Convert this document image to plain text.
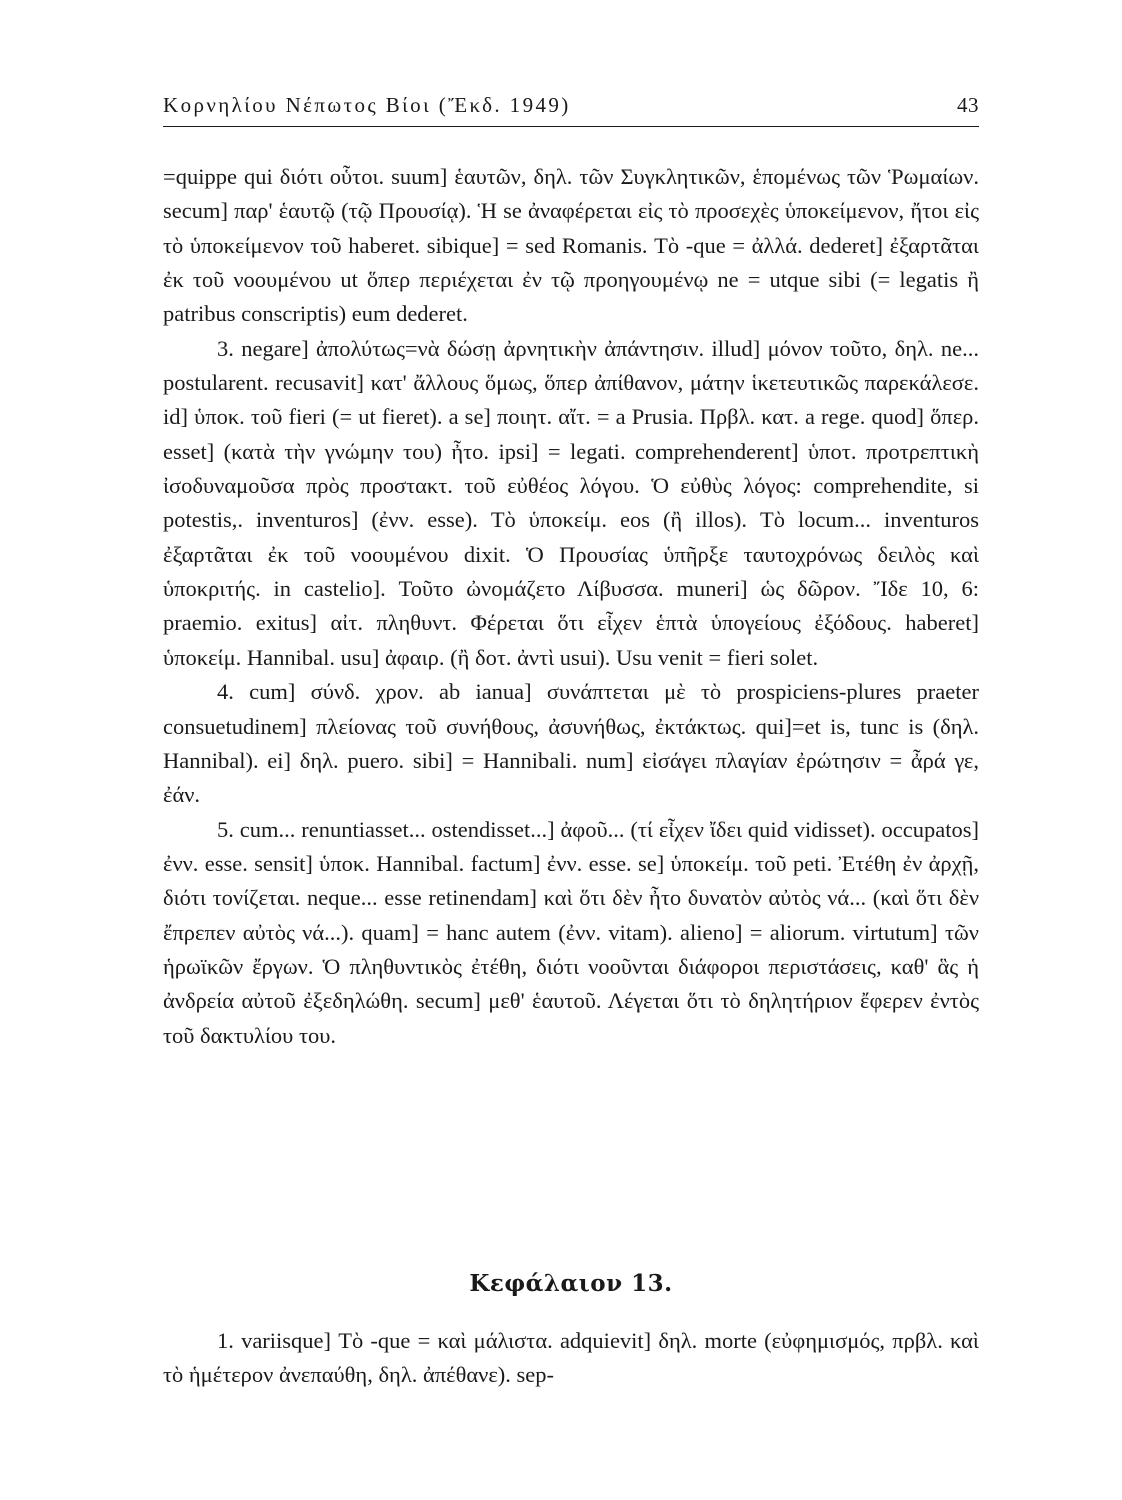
Κορνηλίου Νέπωτος Βίοι (Ἔκδ. 1949)	43

=quippe qui διότι οὗτοι. suum] ἑαυτῶν, δηλ. τῶν Συγκλητικῶν, ἑπομένως τῶν Ῥωμαίων. secum] παρ' ἑαυτῷ (τῷ Προυσίᾳ). Ἡ se ἀναφέρεται εἰς τὸ προσεχὲς ὑποκείμενον, ἤτοι εἰς τὸ ὑποκείμενον τοῦ haberet. sibique] = sed Romanis. Τὸ -que = ἀλλά. dederet] ἐξαρτᾶται ἐκ τοῦ νοουμένου ut ὅπερ περιέχεται ἐν τῷ προηγουμένῳ ne = utque sibi (= legatis ἢ patribus conscriptis) eum dederet.

3. negare] ἀπολύτως=νὰ δώσῃ ἀρνητικὴν ἀπάντησιν. illud] μόνον τοῦτο, δηλ. ne... postularent. recusavit] κατ' ἄλλους ὅμως, ὅπερ ἀπίθανον, μάτην ἱκετευτικῶς παρεκάλεσε. id] ὑποκ. τοῦ fieri (= ut fieret). a se] ποιητ. αἴτ. = a Prusia. Πρβλ. κατ. a rege. quod] ὅπερ. esset] (κατὰ τὴν γνώμην του) ἦτο. ipsi] = legati. comprehenderent] ὑποτ. προτρεπτικὴ ἰσοδυναμοῦσα πρὸς προστακτ. τοῦ εὐθέος λόγου. Ὁ εὐθὺς λόγος: comprehendite, si potestis,. inventuros] (ἐνν. esse). Τὸ ὑποκείμ. eos (ἢ illos). Τὸ locum... inventuros ἐξαρτᾶται ἐκ τοῦ νοουμένου dixit. Ὁ Προυσίας ὑπῆρξε ταυτοχρόνως δειλὸς καὶ ὑποκριτής. in castelio]. Τοῦτο ὠνομάζετο Λίβυσσα. muneri] ὡς δῶρον. Ἴδε 10, 6: praemio. exitus] αἰτ. πληθυντ. Φέρεται ὅτι εἶχεν ἑπτὰ ὑπογείους ἐξόδους. haberet] ὑποκείμ. Hannibal. usu] ἀφαιρ. (ἢ δοτ. ἀντὶ usui). Usu venit = fieri solet.

4. cum] σύνδ. χρον. ab ianua] συνάπτεται μὲ τὸ prospiciens-plures praeter consuetudinem] πλείονας τοῦ συνήθους, ἀσυνήθως, ἐκτάκτως. qui]=et is, tunc is (δηλ. Hannibal). ei] δηλ. puero. sibi] = Hannibali. num] εἰσάγει πλαγίαν ἐρώτησιν = ἆρά γε, ἐάν.

5. cum... renuntiasset... ostendisset...] ἀφοῦ... (τί εἶχεν ἴδει quid vidisset). occupatos] ἐνν. esse. sensit] ὑποκ. Hannibal. factum] ἐνν. esse. se] ὑποκείμ. τοῦ peti. Ἐτέθη ἐν ἀρχῇ, διότι τονίζεται. neque... esse retinendam] καὶ ὅτι δὲν ἦτο δυνατὸν αὐτὸς νά... (καὶ ὅτι δὲν ἔπρεπεν αὐτὸς νά...). quam] = hanc autem (ἐνν. vitam). alieno] = aliorum. virtutum] τῶν ἡρωϊκῶν ἔργων. Ὁ πληθυντικὸς ἐτέθη, διότι νοοῦνται διάφοροι περιστάσεις, καθ' ἃς ἡ ἀνδρεία αὐτοῦ ἐξεδηλώθη. secum] μεθ' ἑαυτοῦ. Λέγεται ὅτι τὸ δηλητήριον ἔφερεν ἐντὸς τοῦ δακτυλίου του.

Κεφάλαιον 13.

1. variisque] Τὸ -que = καὶ μάλιστα. adquievit] δηλ. morte (εὐφημισμός, πρβλ. καὶ τὸ ἡμέτερον ἀνεπαύθη, δηλ. ἀπέθανε). sep-
